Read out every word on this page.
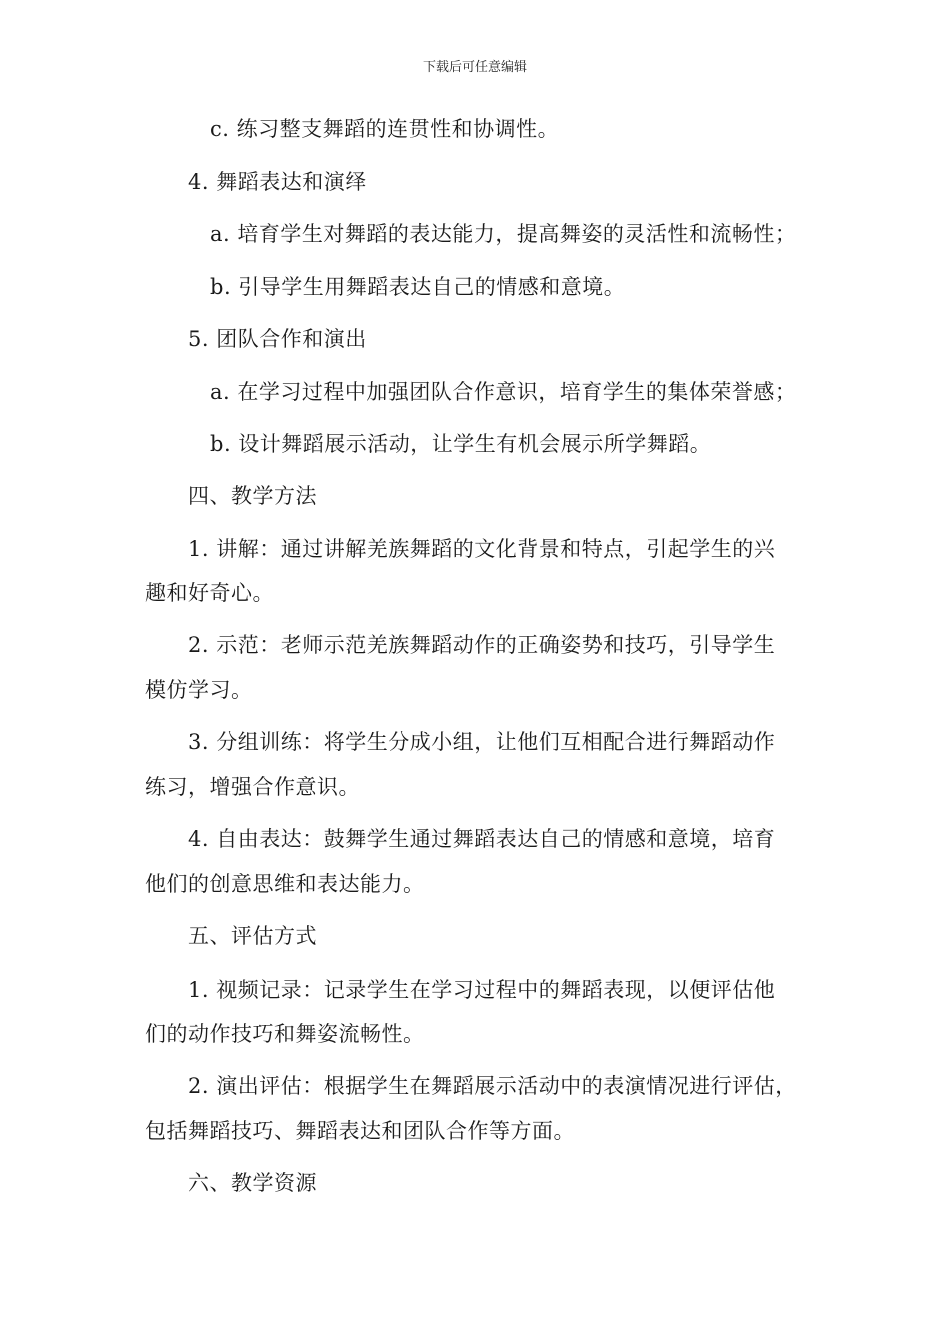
下载后可任意编辑
c. 练习整支舞蹈的连贯性和协调性。
4. 舞蹈表达和演绎
a. 培育学生对舞蹈的表达能力，提高舞姿的灵活性和流畅性；
b. 引导学生用舞蹈表达自己的情感和意境。
5. 团队合作和演出
a. 在学习过程中加强团队合作意识，培育学生的集体荣誉感；
b. 设计舞蹈展示活动，让学生有机会展示所学舞蹈。
四、教学方法
1. 讲解：通过讲解羌族舞蹈的文化背景和特点，引起学生的兴
趣和好奇心。
2. 示范：老师示范羌族舞蹈动作的正确姿势和技巧，引导学生
模仿学习。
3. 分组训练：将学生分成小组，让他们互相配合进行舞蹈动作
练习，增强合作意识。
4. 自由表达：鼓舞学生通过舞蹈表达自己的情感和意境，培育
他们的创意思维和表达能力。
五、评估方式
1. 视频记录：记录学生在学习过程中的舞蹈表现，以便评估他
们的动作技巧和舞姿流畅性。
2. 演出评估：根据学生在舞蹈展示活动中的表演情况进行评估，
包括舞蹈技巧、舞蹈表达和团队合作等方面。
六、教学资源
